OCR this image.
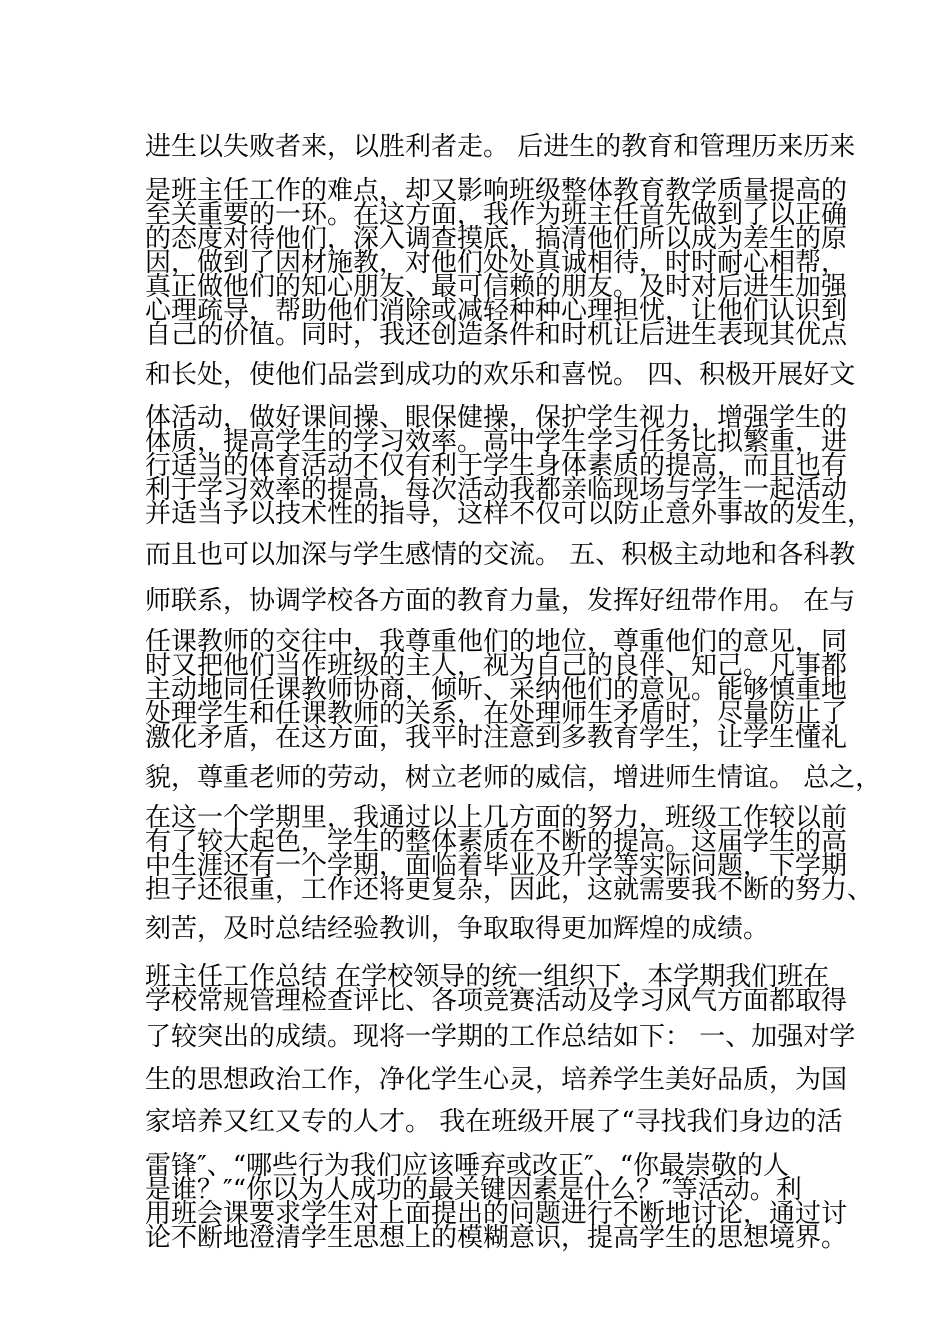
进生以失败者来，以胜利者走。 后进生的教育和管理历来历来

是班主任工作的难点，却又影响班级整体教育教学质量提高的

至关重要的一环。在这方面，我作为班主任首先做到了以正确

的态度对待他们，深入调查摸底，搞清他们所以成为差生的原

因，做到了因材施教，对他们处处真诚相待，时时耐心相帮，

真正做他们的知心朋友、最可信赖的朋友。及时对后进生加强

心理疏导，帮助他们消除或减轻种种心理担忧，让他们认识到

自己的价值。同时，我还创造条件和时机让后进生表现其优点

和长处，使他们品尝到成功的欢乐和喜悦。 四、积极开展好文

体活动，做好课间操、眼保健操，保护学生视力，增强学生的

体质，提高学生的学习效率。高中学生学习任务比拟繁重，进

行适当的体育活动不仅有利于学生身体素质的提高，而且也有

利于学习效率的提高，每次活动我都亲临现场与学生一起活动

并适当予以技术性的指导，这样不仅可以防止意外事故的发生，

而且也可以加深与学生感情的交流。 五、积极主动地和各科教

师联系，协调学校各方面的教育力量，发挥好纽带作用。 在与

任课教师的交往中，我尊重他们的地位，尊重他们的意见，同

时又把他们当作班级的主人，视为自己的良伴、知己。凡事都

主动地同任课教师协商，倾听、采纳他们的意见。能够慎重地

处理学生和任课教师的关系，在处理师生矛盾时，尽量防止了

激化矛盾，在这方面，我平时注意到多教育学生，让学生懂礼

貌，尊重老师的劳动，树立老师的威信，增进师生情谊。 总之，

在这一个学期里，我通过以上几方面的努力，班级工作较以前

有了较大起色，学生的整体素质在不断的提高。这届学生的高

中生涯还有一个学期，面临着毕业及升学等实际问题，下学期

担子还很重，工作还将更复杂，因此，这就需要我不断的努力、

刻苦，及时总结经验教训，争取取得更加辉煌的成绩。

班主任工作总结 在学校领导的统一组织下，本学期我们班在

学校常规管理检查评比、各项竞赛活动及学习风气方面都取得

了较突出的成绩。现将一学期的工作总结如下： 一、加强对学

生的思想政治工作，净化学生心灵，培养学生美好品质，为国

家培养又红又专的人才。 我在班级开展了“寻找我们身边的活

雷锋″、“哪些行为我们应该唾弃或改正″、“你最崇敬的人

是谁？″“你以为人成功的最关键因素是什么？″等活动。利

用班会课要求学生对上面提出的问题进行不断地讨论，通过讨

论不断地澄清学生思想上的模糊意识，提高学生的思想境界。
